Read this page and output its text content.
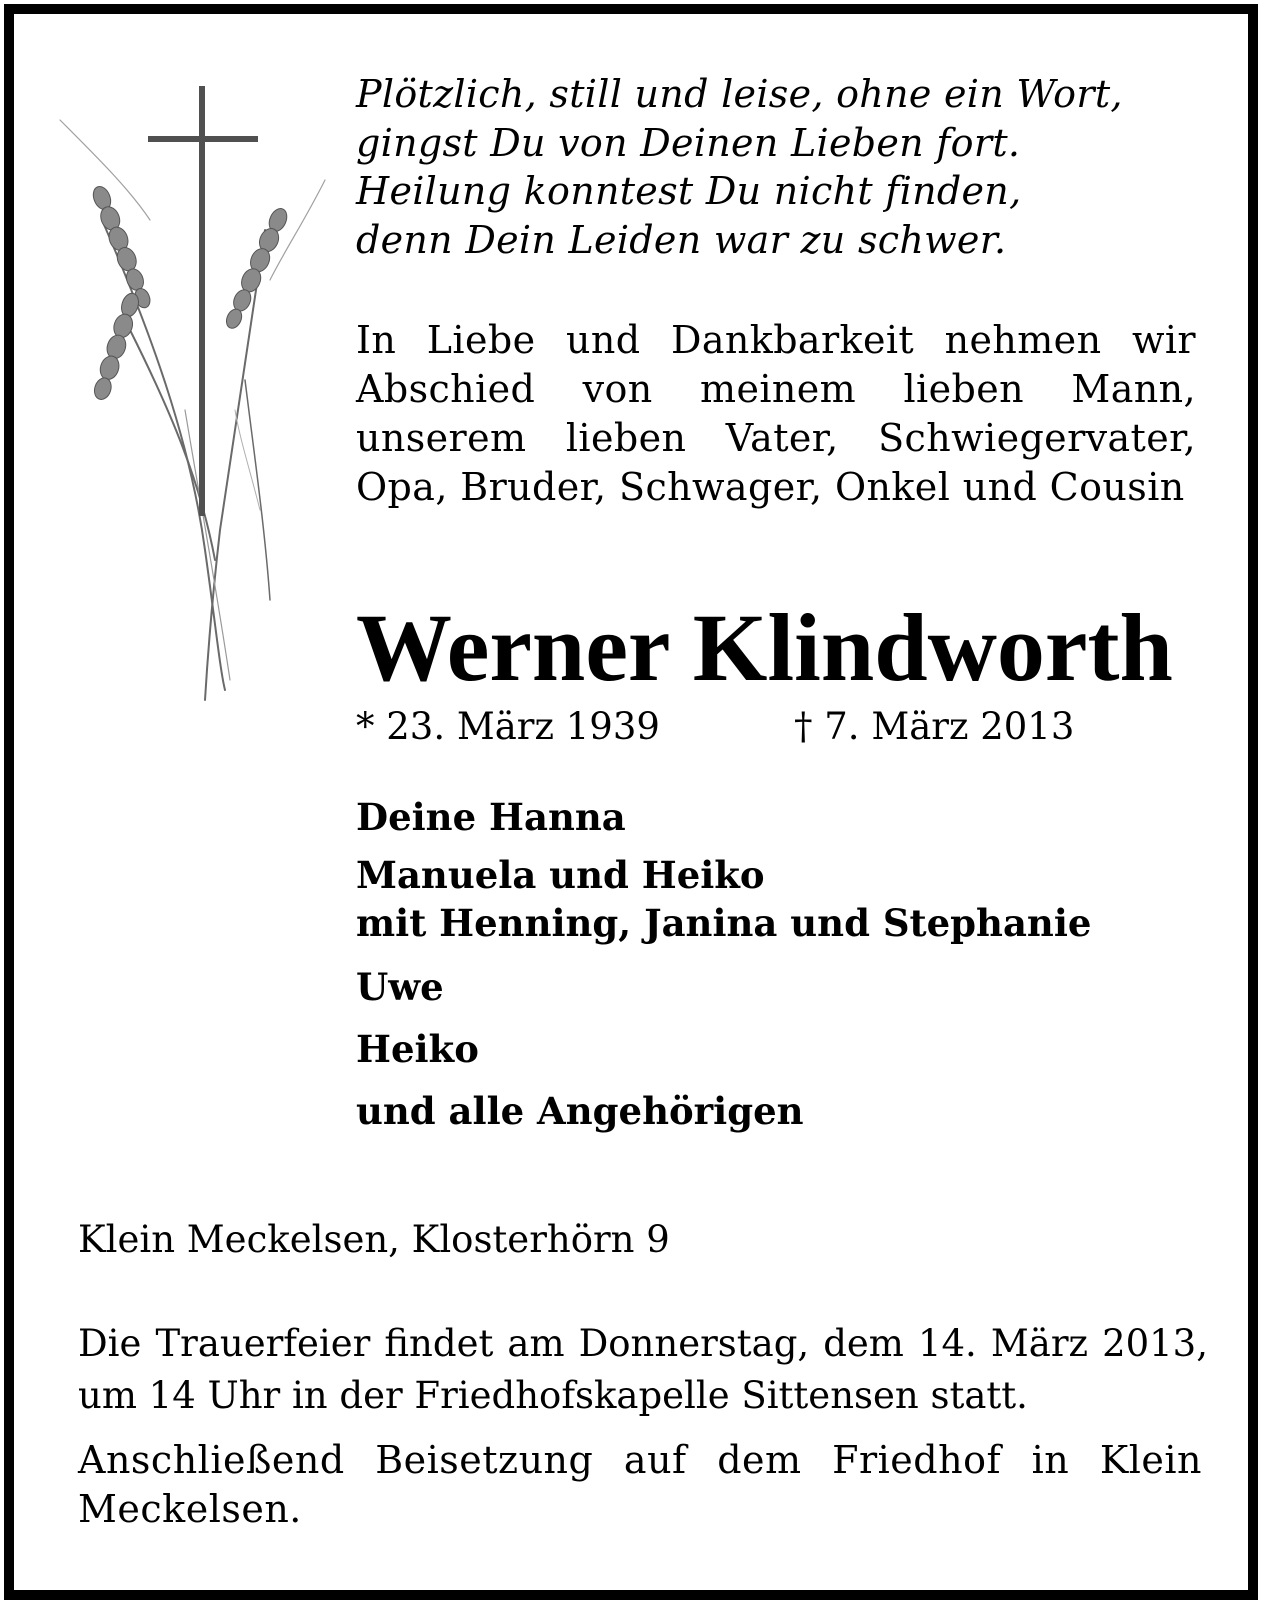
Plötzlich, still und leise, ohne ein Wort,
gingst Du von Deinen Lieben fort.
Heilung konntest Du nicht finden,
denn Dein Leiden war zu schwer.
In Liebe und Dankbarkeit nehmen wir Abschied von meinem lieben Mann, unserem lieben Vater, Schwiegervater, Opa, Bruder, Schwager, Onkel und Cousin
Werner Klindworth
* 23. März 1939	† 7. März 2013
Deine Hanna
Manuela und Heiko
mit Henning, Janina und Stephanie
Uwe
Heiko
und alle Angehörigen
Klein Meckelsen, Klosterhörn 9
Die Trauerfeier findet am Donnerstag, dem 14. März 2013, um 14 Uhr in der Friedhofskapelle Sittensen statt.
Anschließend Beisetzung auf dem Friedhof in Klein Meckelsen.
